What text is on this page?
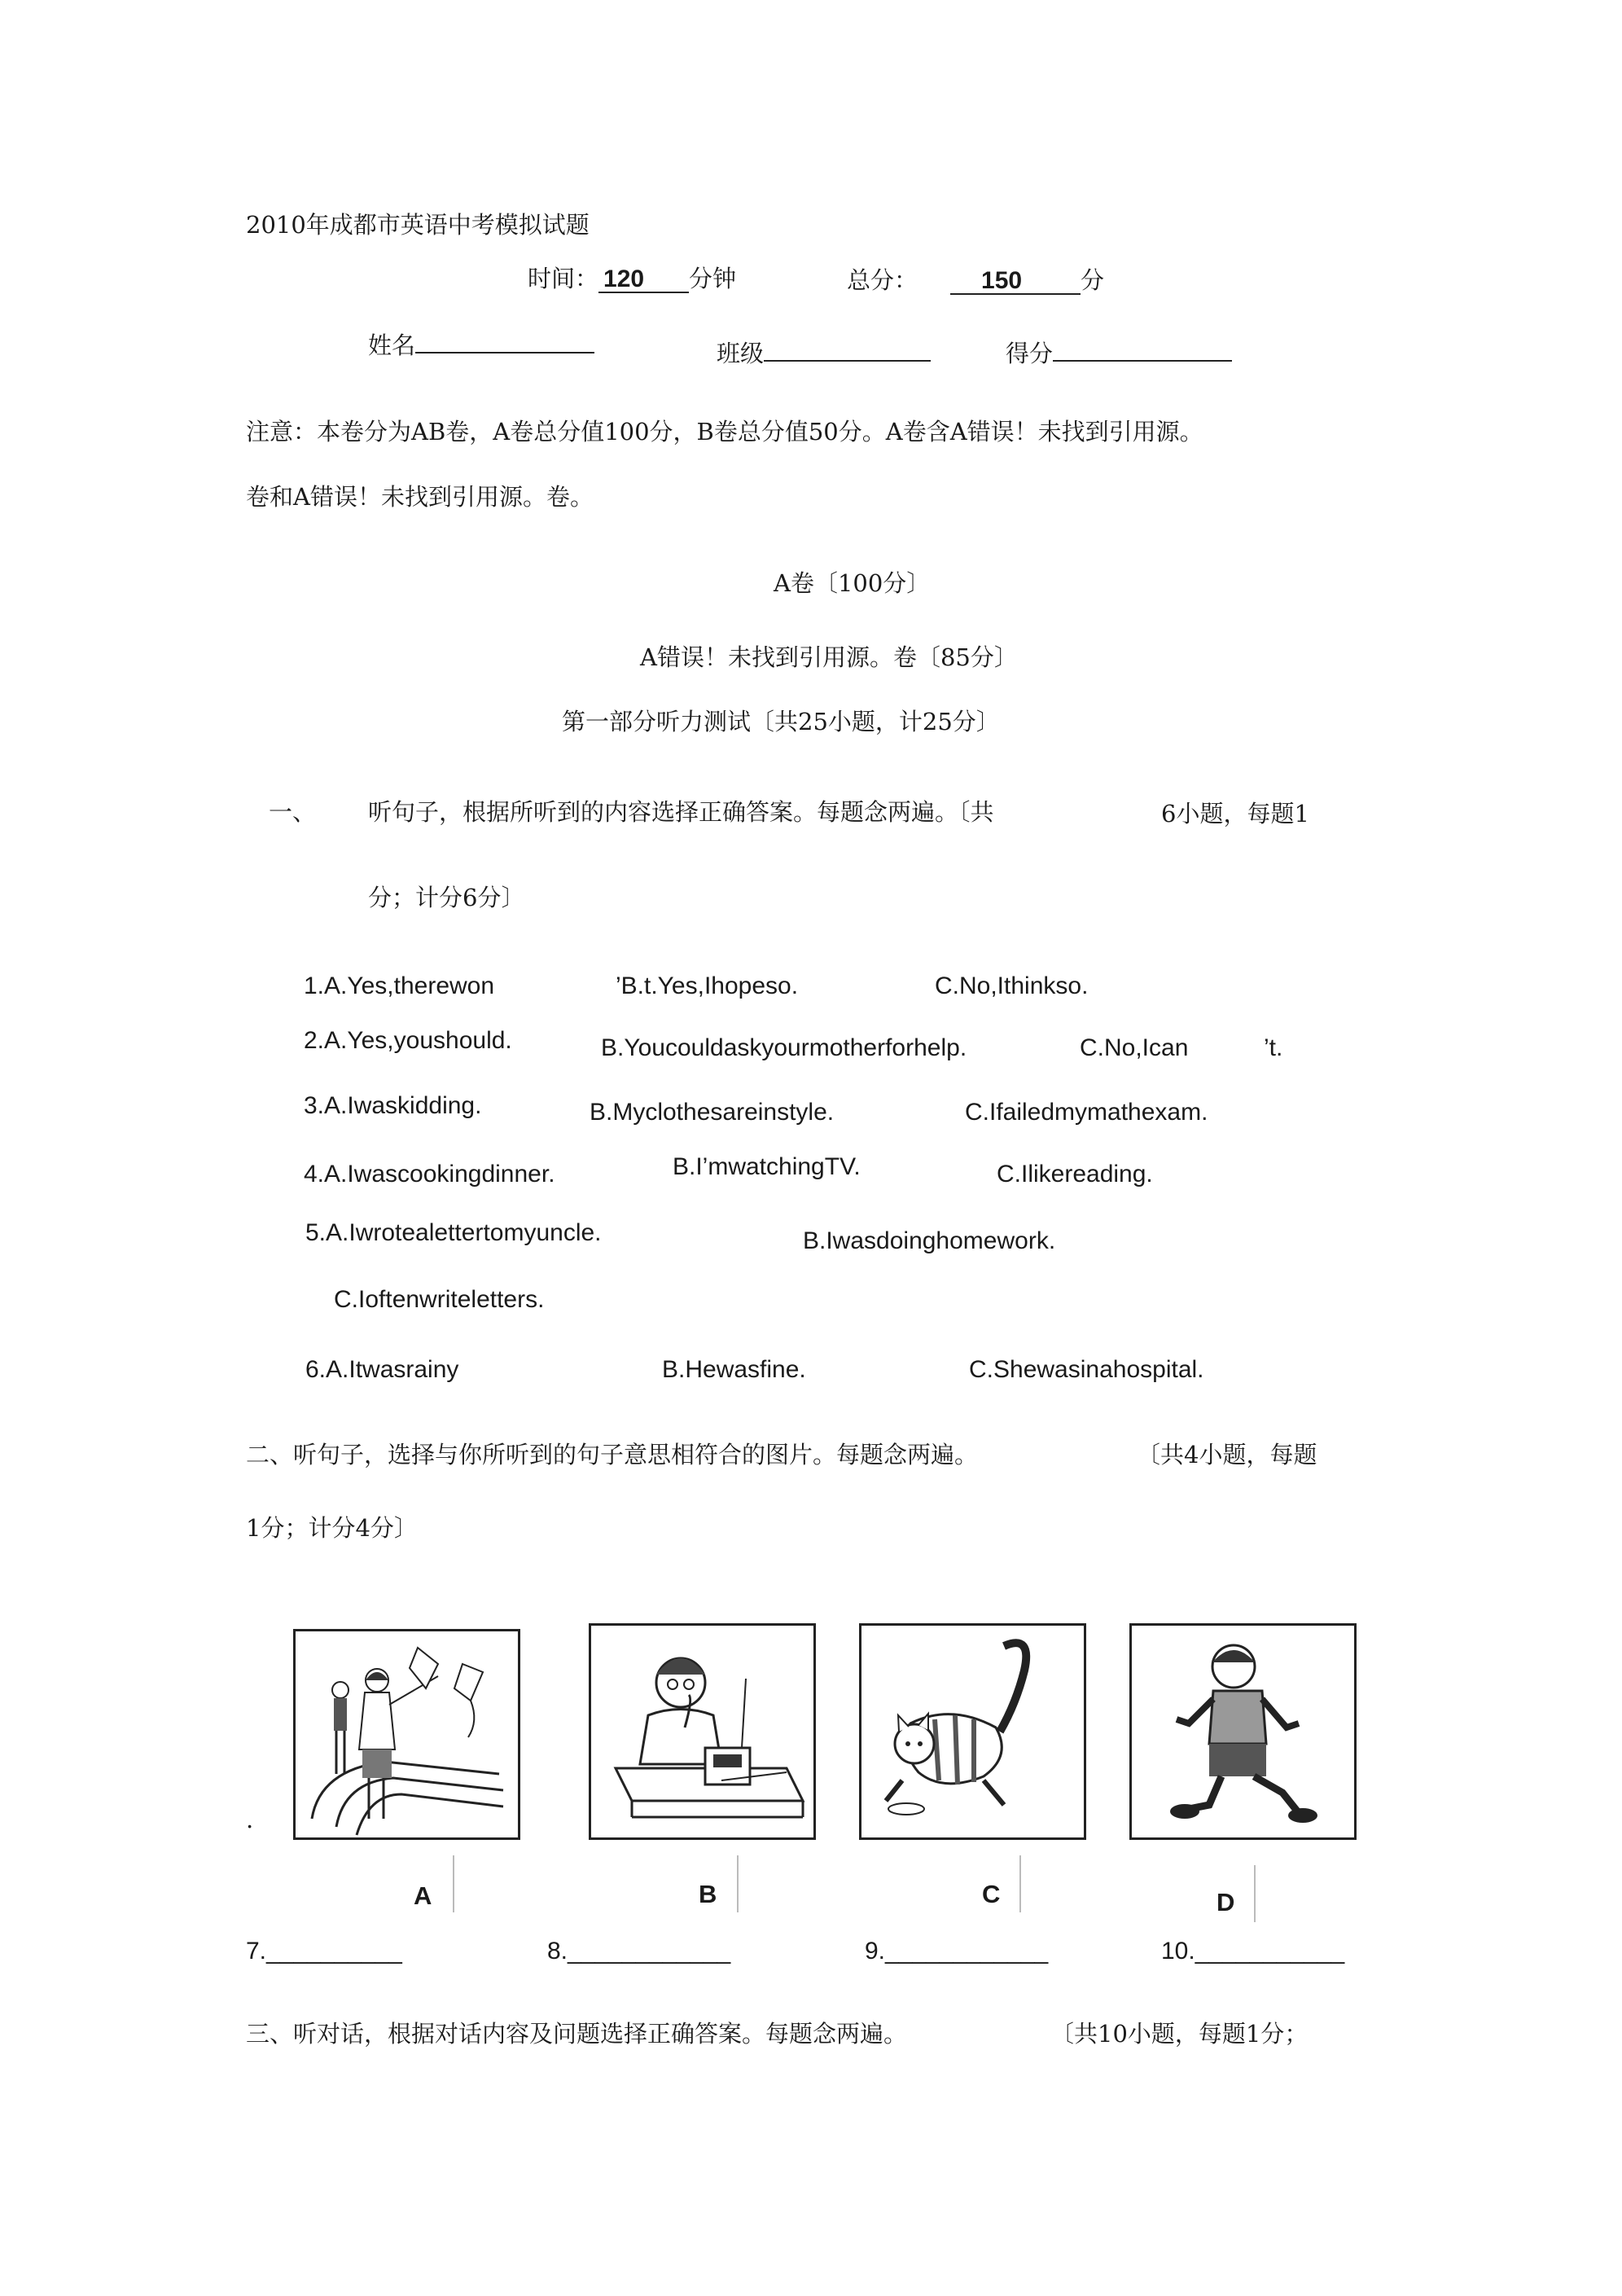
2010年成都市英语中考模拟试题
时间： 120 分钟	总分：	150 分
姓名	班级	得分
注意：本卷分为AB卷，A卷总分值100分，B卷总分值50分。A卷含A错误！未找到引用源。
卷和A错误！未找到引用源。卷。
A卷〔100分〕
A错误！未找到引用源。卷〔85分〕
第一部分听力测试〔共25小题，计25分〕
一、 听句子，根据所听到的内容选择正确答案。每题念两遍。〔共	6小题，每题1
分；计分6分〕
1.A.Yes,therewon	’B.t.Yes,Ihopeso.	C.No,Ithinkso.
2.A.Yes,youshould.	B.Youcouldaskyourmotherforhelp.	C.No,Ican	’t.
3.A.Iwaskidding.	B.Myclothesareinstyle.	C.Ifailedmymathexam.
4.A.Iwascookingdinner.	B.I’mwatchingTV.	C.Ilikereading.
5.A.Iwrotealettertomyuncle.	B.Iwasdoinghomework.
C.Ioftenwriteletters.
6.A.Itwasrainy	B.Hewasfine.	C.Shewasinahospital.
二、听句子，选择与你所听到的句子意思相符合的图片。每题念两遍。	〔共4小题，每题
1分；计分4分〕
.
A	B	C	D
7.__________	8.____________	9.____________	10.___________
三、听对话，根据对话内容及问题选择正确答案。每题念两遍。	〔共10小题，每题1分；
